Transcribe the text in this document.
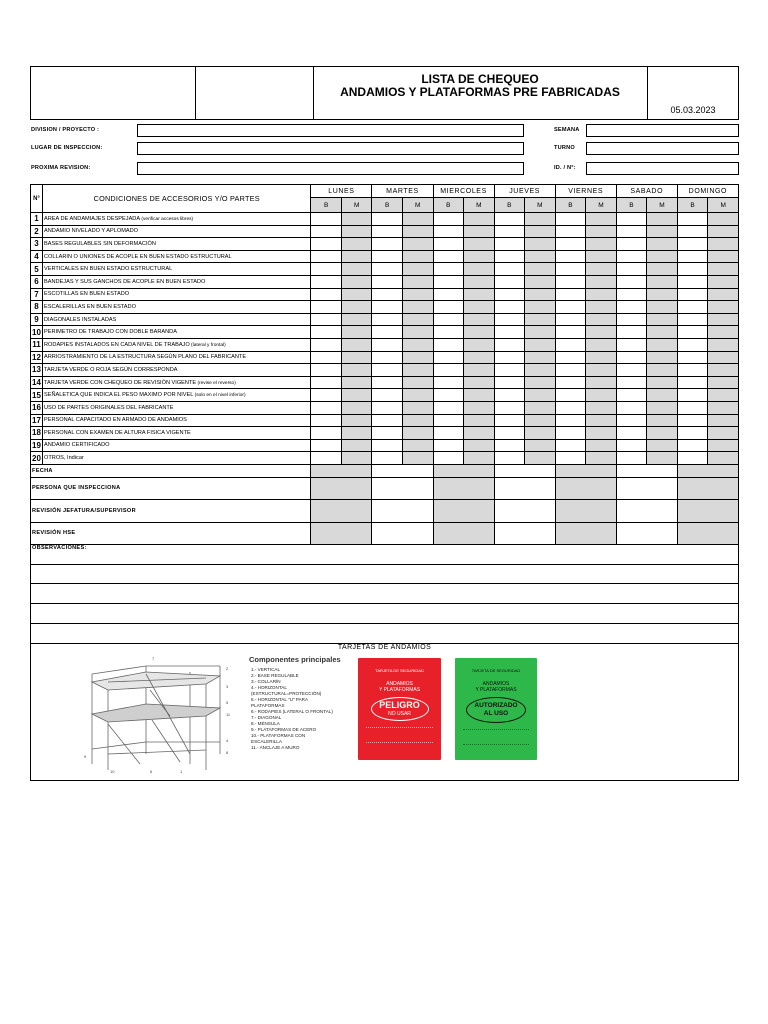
LISTA DE CHEQUEO
ANDAMIOS Y PLATAFORMAS PRE FABRICADAS
05.03.2023
DIVISION / PROYECTO :	SEMANA
LUGAR DE INSPECCION:	TURNO
PROXIMA REVISION:	ID. / N°:
N°	CONDICIONES DE ACCESORIOS Y/O PARTES	LUNES		MARTES		MIERCOLES		JUEVES		VIERNES		SABADO		DOMINGO	
		B	M	B	M	B	M	B	M	B	M	B	M	B	M
1	AREA DE ANDAMIAJES DESPEJADA (verificar accesos libres)														
2	ANDAMIO NIVELADO Y APLOMADO														
3	BASES REGULABLES SIN DEFORMACIÓN														
4	COLLARIN O UNIONES DE ACOPLE EN BUEN ESTADO ESTRUCTURAL														
5	VERTICALES EN BUEN ESTADO ESTRUCTURAL														
6	BANDEJAS Y SUS GANCHOS DE ACOPLE EN BUEN ESTADO														
7	ESCOTILLAS EN BUEN ESTADO														
8	ESCALERILLAS EN BUEN ESTADO														
9	DIAGONALES INSTALADAS														
10	PERIMETRO DE TRABAJO CON DOBLE BARANDA														
11	RODAPIES INSTALADOS EN CADA NIVEL DE TRABAJO (lateral y frontal)														
12	ARRIOSTRAMIENTO DE LA ESTRUCTURA SEGÚN PLANO DEL FABRICANTE														
13	TARJETA VERDE O ROJA SEGÚN CORRESPONDA														
14	TARJETA VERDE CON CHEQUEO DE REVISIÓN VIGENTE (revise el reverso)														
15	SEÑALETICA QUE INDICA EL PESO MAXIMO POR NIVEL (solo en el nivel inferior)														
16	USO DE PARTES ORIGINALES DEL FABRICANTE														
17	PERSONAL CAPACITADO EN ARMADO DE ANDAMIOS														
18	PERSONAL CON EXAMEN DE ALTURA FISICA VIGENTE														
19	ANDAMIO CERTIFICADO														
20	OTROS, Indicar														
FECHA															
PERSONA QUE INSPECCIONA															
REVISIÓN JEFATURA/SUPERVISOR															
REVISIÓN HSE															
OBSERVACIONES:															

TARJETAS DE ANDAMIOS															
7
2
3
5
11
4
8
9
10	6	1
Componentes principales
1.- VERTICAL
2.- BASE REGULABLE
3.- COLLARÍN
4.- HORIZONTAL
(ESTRUCTURAL=PROTECCIÓN)
5.- HORIZONTAL "U" PARA
PLATAFORMAS
6.- RODAPIES (LATERAL O FRONTAL)
7.- DIAGONAL
8.- MÉNSULA
9.- PLATAFORMAS DE ACERO
10.- PLATAFORMAS CON
ESCALERILLA
11.- ANCLAJE A MURO
TARJETA DE SEGURIDAD
ANDAMIOS
Y PLATAFORMAS
PELIGRO
NO USAR
TARJETA DE SEGURIDAD
ANDAMIOS
Y PLATAFORMAS
AUTORIZADO
AL USO
